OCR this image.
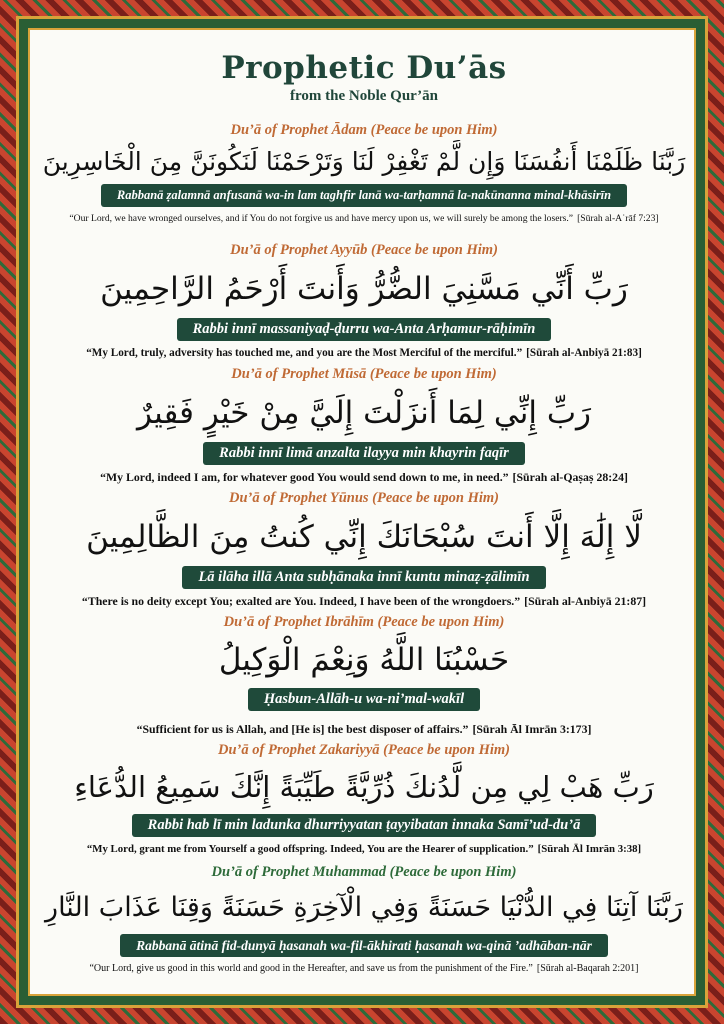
Prophetic Du’ās
from the Noble Qur’ān
Du’ā of Prophet Ādam (Peace be upon Him)
رَبَّنَا ظَلَمْنَا أَنفُسَنَا وَإِن لَّمْ تَغْفِرْ لَنَا وَتَرْحَمْنَا لَنَكُونَنَّ مِنَ الْخَاسِرِينَ
Rabbanā ẓalamnā anfusanā wa-in lam taghfir lanā wa-tarḥamnā la-nakūnanna minal-khāsirīn
“Our Lord, we have wronged ourselves, and if You do not forgive us and have mercy upon us, we will surely be among the losers.” [Sūrah al-Aʿrāf 7:23]
Du’ā of Prophet Ayyūb (Peace be upon Him)
رَبِّ أَنِّي مَسَّنِيَ الضُّرُّ وَأَنتَ أَرْحَمُ الرَّاحِمِينَ
Rabbi innī massaniyaḍ-ḍurru wa-Anta Arḥamur-rāḥimīn
“My Lord, truly, adversity has touched me, and you are the Most Merciful of the merciful.” [Sūrah al-Anbiyā 21:83]
Du’ā of Prophet Mūsā (Peace be upon Him)
رَبِّ إِنِّي لِمَا أَنزَلْتَ إِلَيَّ مِنْ خَيْرٍ فَقِيرٌ
Rabbi innī limā anzalta ilayya min khayrin faqīr
“My Lord, indeed I am, for whatever good You would send down to me, in need.” [Sūrah al-Qaṣaṣ 28:24]
Du’ā of Prophet Yūnus (Peace be upon Him)
لَّا إِلَٰهَ إِلَّا أَنتَ سُبْحَانَكَ إِنِّي كُنتُ مِنَ الظَّالِمِينَ
Lā ilāha illā Anta subḥānaka innī kuntu minaẓ-ẓālimīn
“There is no deity except You; exalted are You. Indeed, I have been of the wrongdoers.” [Sūrah al-Anbiyā 21:87]
Du’ā of Prophet Ibrāhīm (Peace be upon Him)
حَسْبُنَا اللَّهُ وَنِعْمَ الْوَكِيلُ
Ḥasbun-Allāh-u wa-ni’mal-wakīl
“Sufficient for us is Allah, and [He is] the best disposer of affairs.” [Sūrah Āl Imrān 3:173]
Du’ā of Prophet Zakariyyā (Peace be upon Him)
رَبِّ هَبْ لِي مِن لَّدُنكَ ذُرِّيَّةً طَيِّبَةً إِنَّكَ سَمِيعُ الدُّعَاءِ
Rabbi hab lī min ladunka dhurriyyatan ṭayyibatan innaka Samī’ud-du’ā
“My Lord, grant me from Yourself a good offspring. Indeed, You are the Hearer of supplication.” [Sūrah Āl Imrān 3:38]
Du’ā of Prophet Muhammad (Peace be upon Him)
رَبَّنَا آتِنَا فِي الدُّنْيَا حَسَنَةً وَفِي الْآخِرَةِ حَسَنَةً وَقِنَا عَذَابَ النَّارِ
Rabbanā ātinā fid-dunyā ḥasanah wa-fil-ākhirati ḥasanah wa-qinā ’adhāban-nār
“Our Lord, give us good in this world and good in the Hereafter, and save us from the punishment of the Fire.” [Sūrah al-Baqarah 2:201]
